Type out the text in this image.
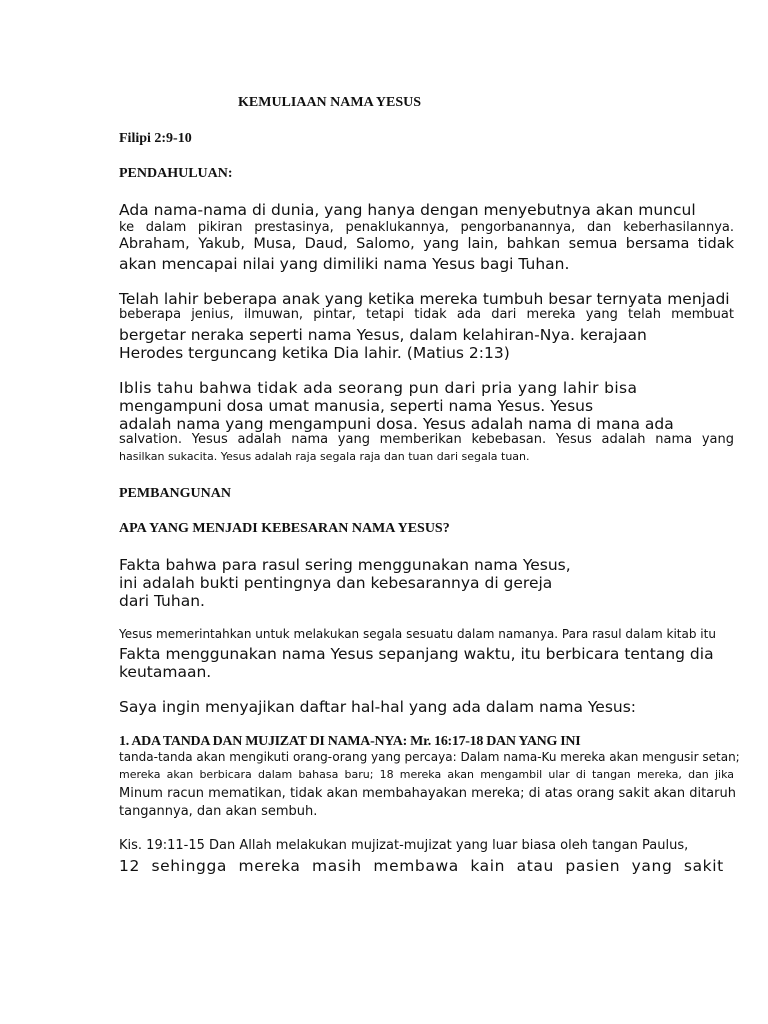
KEMULIAAN NAMA YESUS

Filipi 2:9-10

PENDAHULUAN:

Ada nama-nama di dunia, yang hanya dengan menyebutnya akan muncul

ke dalam pikiran prestasinya, penaklukannya, pengorbanannya, dan keberhasilannya.

Abraham, Yakub, Musa, Daud, Salomo, yang lain, bahkan semua bersama tidak

akan mencapai nilai yang dimiliki nama Yesus bagi Tuhan.

Telah lahir beberapa anak yang ketika mereka tumbuh besar ternyata menjadi

beberapa jenius, ilmuwan, pintar, tetapi tidak ada dari mereka yang telah membuat

bergetar neraka seperti nama Yesus, dalam kelahiran-Nya. kerajaan

Herodes terguncang ketika Dia lahir. (Matius 2:13)

Iblis tahu bahwa tidak ada seorang pun dari pria yang lahir bisa

mengampuni dosa umat manusia, seperti nama Yesus. Yesus

adalah nama yang mengampuni dosa. Yesus adalah nama di mana ada

salvation. Yesus adalah nama yang memberikan kebebasan. Yesus adalah nama yang

hasilkan sukacita. Yesus adalah raja segala raja dan tuan dari segala tuan.

PEMBANGUNAN

APA YANG MENJADI KEBESARAN NAMA YESUS?

Fakta bahwa para rasul sering menggunakan nama Yesus,

ini adalah bukti pentingnya dan kebesarannya di gereja

dari Tuhan.

Yesus memerintahkan untuk melakukan segala sesuatu dalam namanya. Para rasul dalam kitab itu

Fakta menggunakan nama Yesus sepanjang waktu, itu berbicara tentang dia

keutamaan.

Saya ingin menyajikan daftar hal-hal yang ada dalam nama Yesus:

1. ADA TANDA DAN MUJIZAT DI NAMA-NYA: Mr. 16:17-18 DAN YANG INI

tanda-tanda akan mengikuti orang-orang yang percaya: Dalam nama-Ku mereka akan mengusir setan;

mereka akan berbicara dalam bahasa baru; 18 mereka akan mengambil ular di tangan mereka, dan jika

Minum racun mematikan, tidak akan membahayakan mereka; di atas orang sakit akan ditaruh

tangannya, dan akan sembuh.

Kis. 19:11-15 Dan Allah melakukan mujizat-mujizat yang luar biasa oleh tangan Paulus,

12 sehingga mereka masih membawa kain atau pasien yang sakit
